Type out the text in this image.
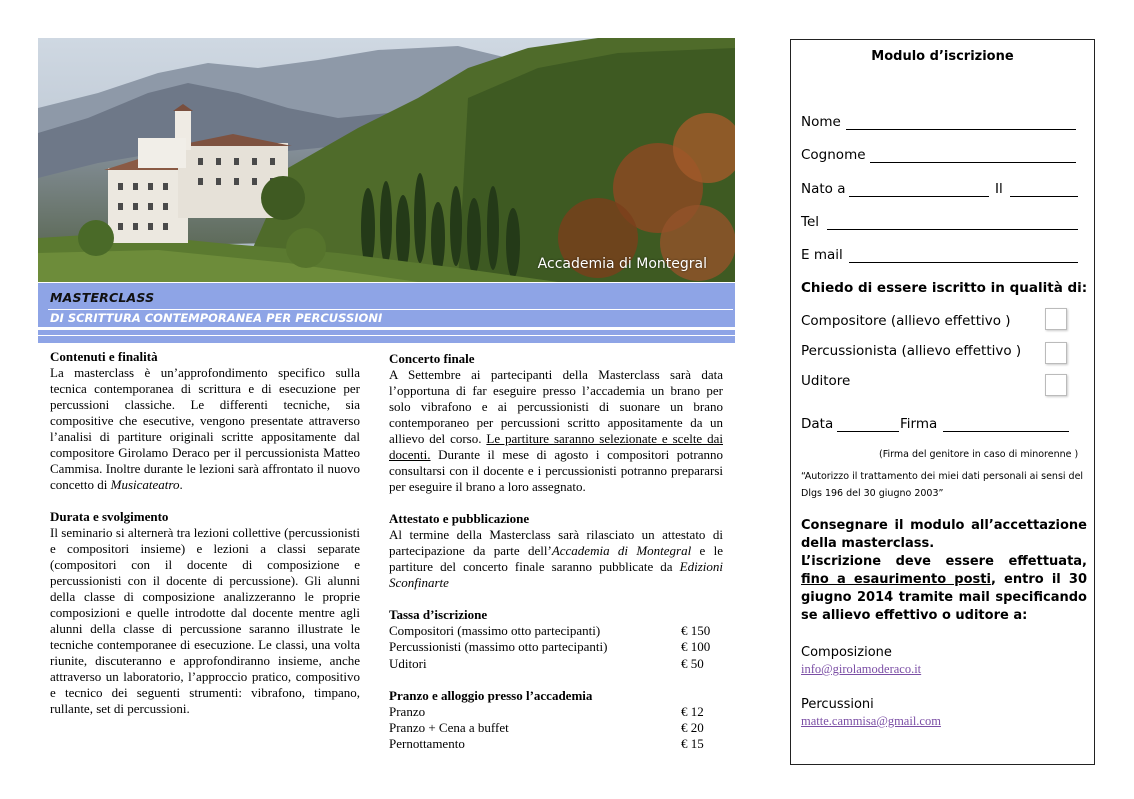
Accademia di Montegral
MASTERCLASS
DI SCRITTURA CONTEMPORANEA PER PERCUSSIONI
Contenuti e finalità

La masterclass è un’approfondimento specifico sulla tecnica contemporanea di scrittura e di esecuzione per percussioni classiche. Le differenti tecniche, sia compositive che esecutive, vengono presentate attraverso l’analisi di partiture originali scritte appositamente dal compositore Girolamo Deraco per il percussionista Matteo Cammisa. Inoltre durante le lezioni sarà affrontato il nuovo concetto di Musicateatro.

Durata e svolgimento

Il seminario si alternerà tra lezioni collettive (percussionisti e compositori insieme) e lezioni a classi separate (compositori con il docente di composizione e percussionisti con il docente di percussione). Gli alunni della classe di composizione analizzeranno le proprie composizioni e quelle introdotte dal docente mentre agli alunni della classe di percussione saranno illustrate le tecniche contemporanee di esecuzione. Le classi, una volta riunite, discuteranno e approfondiranno insieme, anche attraverso un laboratorio, l’approccio pratico, compositivo e tecnico dei seguenti strumenti: vibrafono, timpano, rullante, set di percussioni.

Concerto finale

A Settembre ai partecipanti della Masterclass sarà data l’opportuna di far eseguire presso l’accademia un brano per solo vibrafono e ai percussionisti di suonare un brano contemporaneo per percussioni scritto appositamente da un allievo del corso. Le partiture saranno selezionate e scelte dai docenti. Durante il mese di agosto i compositori potranno consultarsi con il docente e i percussionisti potranno prepararsi per eseguire il brano a loro assegnato.

Attestato e pubblicazione

Al termine della Masterclass sarà rilasciato un attestato di partecipazione da parte dell’Accademia di Montegral e le partiture del concerto finale saranno pubblicate da Edizioni Sconfinarte

Tassa d’iscrizione
Compositori (massimo otto partecipanti)	€ 150
Percussionisti (massimo otto partecipanti)	€ 100
Uditori	€ 50
Pranzo e alloggio presso l’accademia
Pranzo	€ 12
Pranzo + Cena a buffet	€ 20
Pernottamento	€ 15
Modulo d’iscrizione
Nome
Cognome
Nato a	Il
Tel
E mail
Chiedo di essere iscritto in qualità di:
Compositore (allievo effettivo )
Percussionista (allievo effettivo )
Uditore
Data	Firma
(Firma del genitore in caso di minorenne )
“Autorizzo il trattamento dei miei dati personali ai sensi del Dlgs 196 del 30 giugno 2003”
Consegnare il modulo all’accettazione della masterclass.
L’iscrizione deve essere effettuata, fino a esaurimento posti, entro il 30 giugno 2014 tramite mail specificando se allievo effettivo o uditore a:
Composizione
info@girolamoderaco.it
Percussioni
matte.cammisa@gmail.com
